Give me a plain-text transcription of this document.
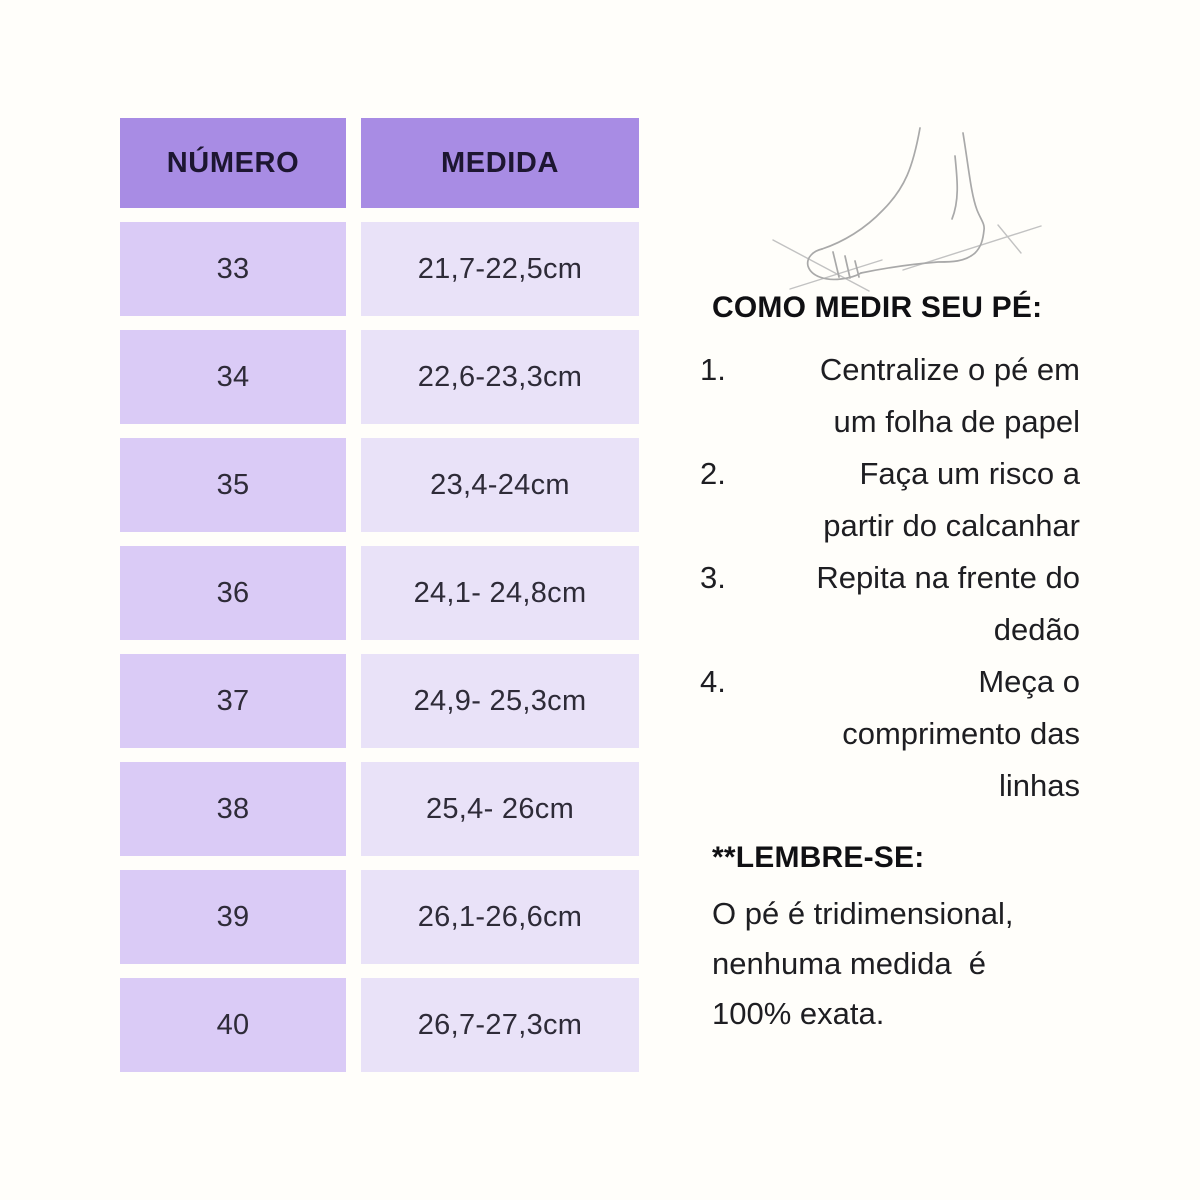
NÚMERO	MEDIDA
33	21,7-22,5cm
34	22,6-23,3cm
35	23,4-24cm
36	24,1- 24,8cm
37	24,9- 25,3cm
38	25,4- 26cm
39	26,1-26,6cm
40	26,7-27,3cm
COMO MEDIR SEU PÉ:
1.	Centralize o pé em
um folha de papel
2.	Faça um risco a
partir do calcanhar
3.	Repita na frente do
dedão
4.	Meça o
comprimento das
linhas
**LEMBRE-SE:
O pé é tridimensional,
nenhuma medida  é
100% exata.
